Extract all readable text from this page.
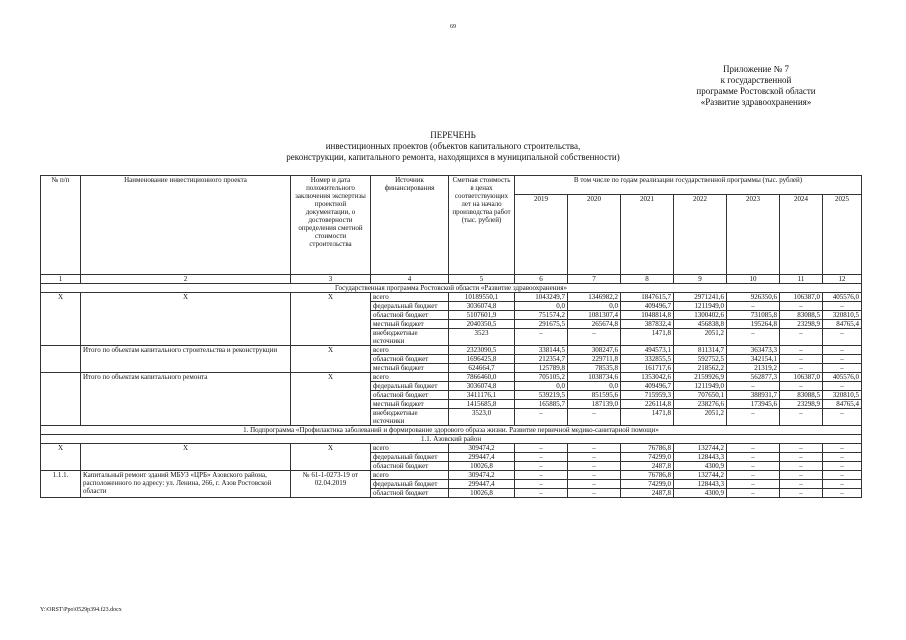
69
Приложение № 7
к государственной
программе Ростовской области
«Развитие здравоохранения»
ПЕРЕЧЕНЬ
инвестиционных проектов (объектов капитального строительства,
реконструкции, капитального ремонта, находящихся в муниципальной собственности)
№ п/п	Наименование инвестиционного проекта	Номер и дата положительного заключения экспертизы проектной документации, о достоверности определения сметной стоимости строительства	Источник финансирования	Сметная стоимость в ценах соответствующих лет на начало производства работ (тыс. рублей)	В том числе по годам реализации государственной программы (тыс. рублей)						
					2019	2020	2021	2022	2023	2024	2025
1	2	3	4	5	6	7	8	9	10	11	12
Государственная программа Ростовской области «Развитие здравоохранения»											
X	X	X	всего	10189550,1	1043249,7	1346982,2	1847615,7	2971241,6	926350,6	106387,0	405576,0
			федеральный бюджет	3036074,8	0,0	0,0	409496,7	1211949,0	–	–	–
			областной бюджет	5107601,9	751574,2	1081307,4	1048814,8	1300402,6	731085,8	83088,5	320810,5
			местный бюджет	2040350,5	291675,5	265674,8	387832,4	456838,8	195264,8	23298,9	84765,4
			внебюджетные источники	3523	–	–	1471,8	2051,2	–	–	–
	Итого по объектам капитального строительства и реконструкции	X	всего	2323090,5	338144,5	308247,6	494573,1	811314,7	363473,3	–	–
			областной бюджет	1696425,8	212354,7	229711,8	332855,5	592752,5	342154,1	–	–
			местный бюджет	624664,7	125789,8	78535,8	161717,6	218562,2	21319,2	–	–
	Итого по объектам капитального ремонта	X	всего	7866460,0	705105,2	1038734,6	1353042,6	2159926,9	562877,3	106387,0	405576,0
			федеральный бюджет	3036074,8	0,0	0,0	409496,7	1211949,0	–	–	–
			областной бюджет	3411176,1	539219,5	851595,6	715959,3	707650,1	388931,7	83088,5	320810,5
			местный бюджет	1415685,8	165885,7	187139,0	226114,8	238276,6	173945,6	23298,9	84765,4
			внебюджетные источники	3523,0	–	–	1471,8	2051,2	–	–	–
1. Подпрограмма «Профилактика заболеваний и формирование здорового образа жизни. Развитие первичной медико-санитарной помощи»											
1.1. Азовский район											
X	X	X	всего	309474,2	–	–	76786,8	132744,2	–	–	–
			федеральный бюджет	299447,4	–	–	74299,0	128443,3	–	–	–
			областной бюджет	10026,8	–	–	2487,8	4300,9	–	–	–
1.1.1.	Капитальный ремонт зданий МБУЗ «ЦРБ» Азовского района, расположенного по адресу: ул. Ленина, 266, г. Азов Ростовской области	№ 61-1-0273-19 от 02.04.2019	всего	309474,2	–	–	76786,8	132744,2	–	–	–
			федеральный бюджет	299447,4	–	–	74299,0	128443,3	–	–	–
			областной бюджет	10026,8	–	–	2487,8	4300,9	–	–	–
Y:\ORST\Ppo\0529p394.f23.docx
